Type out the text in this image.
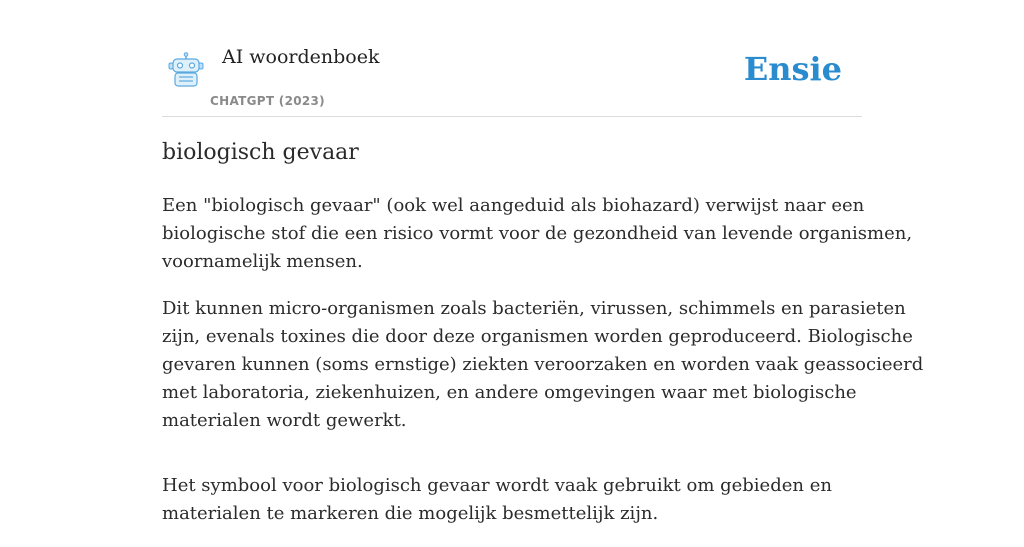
AI woordenboek
CHATGPT (2023)
Ensie
biologisch gevaar

Een "biologisch gevaar" (ook wel aangeduid als biohazard) verwijst naar een
biologische stof die een risico vormt voor de gezondheid van levende organismen,
voornamelijk mensen.

Dit kunnen micro-organismen zoals bacteriën, virussen, schimmels en parasieten
zijn, evenals toxines die door deze organismen worden geproduceerd. Biologische
gevaren kunnen (soms ernstige) ziekten veroorzaken en worden vaak geassocieerd
met laboratoria, ziekenhuizen, en andere omgevingen waar met biologische
materialen wordt gewerkt.

Het symbool voor biologisch gevaar wordt vaak gebruikt om gebieden en
materialen te markeren die mogelijk besmettelijk zijn.
